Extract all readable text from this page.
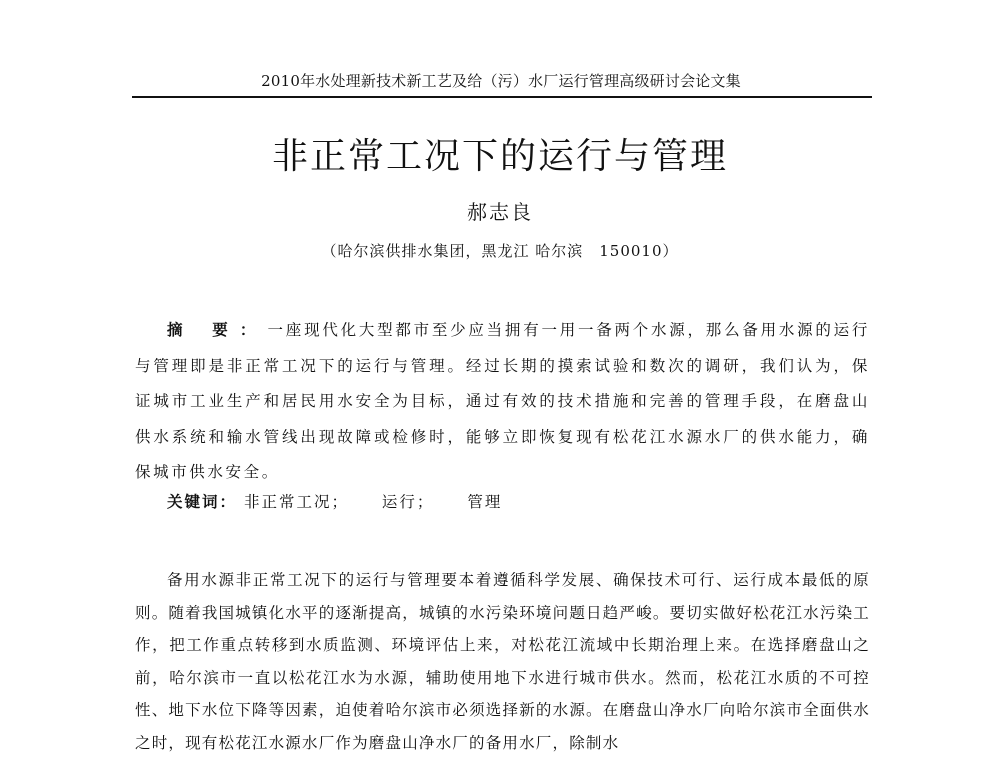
2010年水处理新技术新工艺及给（污）水厂运行管理高级研讨会论文集
非正常工况下的运行与管理
郝志良
（哈尔滨供排水集团，黑龙江 哈尔滨　150010）
摘 要：一座现代化大型都市至少应当拥有一用一备两个水源，那么备用水源的运行与管理即是非正常工况下的运行与管理。经过长期的摸索试验和数次的调研，我们认为，保证城市工业生产和居民用水安全为目标，通过有效的技术措施和完善的管理手段，在磨盘山供水系统和输水管线出现故障或检修时，能够立即恢复现有松花江水源水厂的供水能力，确保城市供水安全。
关键词： 非正常工况； 运行； 管理
备用水源非正常工况下的运行与管理要本着遵循科学发展、确保技术可行、运行成本最低的原则。随着我国城镇化水平的逐渐提高，城镇的水污染环境问题日趋严峻。要切实做好松花江水污染工作，把工作重点转移到水质监测、环境评估上来，对松花江流域中长期治理上来。在选择磨盘山之前，哈尔滨市一直以松花江水为水源，辅助使用地下水进行城市供水。然而，松花江水质的不可控性、地下水位下降等因素，迫使着哈尔滨市必须选择新的水源。在磨盘山净水厂向哈尔滨市全面供水之时，现有松花江水源水厂作为磨盘山净水厂的备用水厂，除制水
